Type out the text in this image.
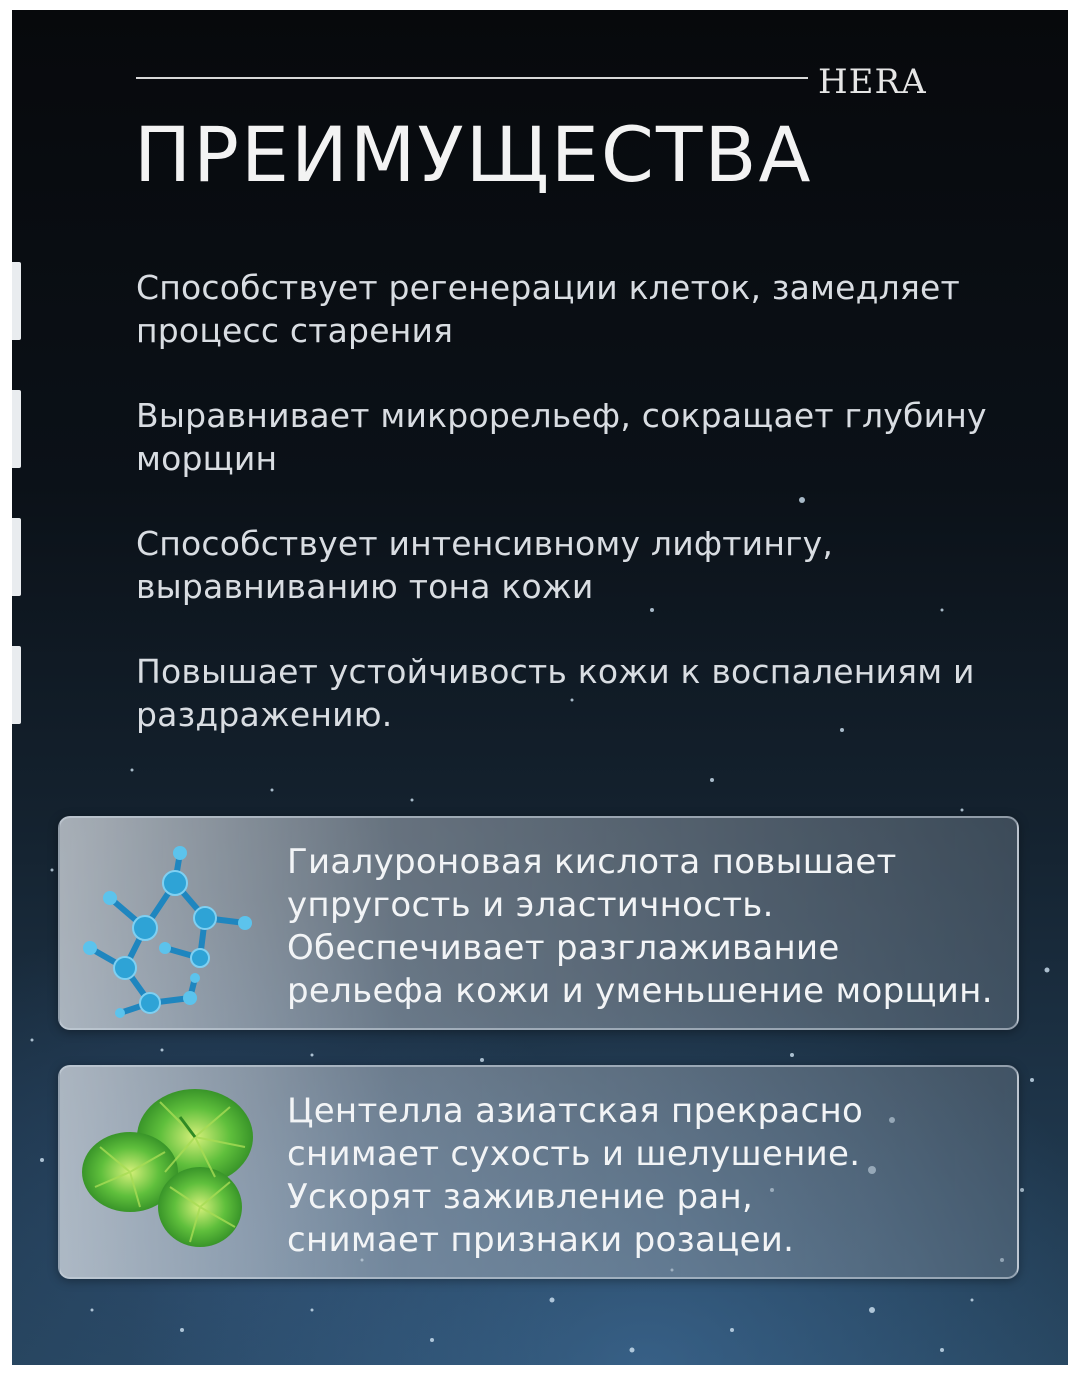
HERA
ПРЕИМУЩЕСТВА
Способствует регенерации клеток, замедляет процесс старения
Выравнивает микрорельеф, сокращает глубину морщин
Способствует интенсивному лифтингу, выравниванию тона кожи
Повышает устойчивость кожи к воспалениям и раздражению.
Гиалуроновая кислота повышает
упругость и эластичность.
Обеспечивает разглаживание
рельефа кожи и уменьшение морщин.
Центелла азиатская прекрасно
снимает сухость и шелушение.
Ускорят заживление ран,
снимает признаки розацеи.
